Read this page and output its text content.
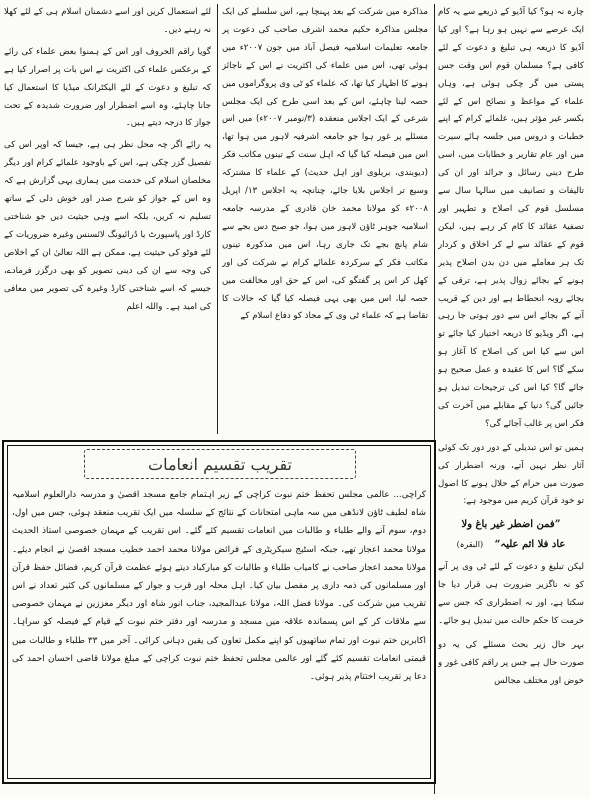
چارہ نہ ہو؟ کیا آڈیو کے ذریعے سے یہ کام ایک عرصے سے نہیں ہو رہا ہے؟ اور کیا آڈیو کا ذریعہ ہی تبلیغ و دعوت کے لئے کافی ہے؟ مسلمان قوم اس وقت جس پستی میں گر چکی ہوئی ہے، وہاں علماء کے مواعظ و نصائح اس کے لئے بکسر غیر مؤثر ہیں، علمائے کرام کے اپنے خطبات و دروس میں جلسہ ہائے سیرت میں اور عام تقاریر و خطابات میں، اسی طرح دینی رسائل و جرائد اور ان کی تالیفات و تصانیف میں سالہا سال سے مسلسل قوم کی اصلاح و تطہیر اور تصفیۂ عقائد کا کام کر رہے ہیں، لیکن قوم کے عقائد سے لے کر اخلاق و کردار تک ہر معاملے میں دن بدن اصلاح پذیر ہونے کے بجائے زوال پذیر ہے، ترقی کے بجائے روبہ انحطاط ہے اور دین کے قریب آنے کے بجائے اس سے دور ہوتی جا رہی ہے، اگر ویڈیو کا ذریعہ اختیار کیا جائے تو اس سے کیا اس کی اصلاح کا آغاز ہو سکے گا؟ اس کا عقیدہ و عمل صحیح ہو جائے گا؟ کیا اس کی ترجیحات تبدیل ہو جائیں گی؟ دنیا کے مقابلے میں آخرت کی فکر اس پر غالب آجائے گی؟

ہمیں تو اس تبدیلی کے دور دور تک کوئی آثار نظر نہیں آتے، ورنہ اضطرار کی صورت میں حرام کے حلال ہونے کا اصول تو خود قرآن کریم میں موجود ہے:

”فمن اضطر غیر باغ ولا
عاد فلا اثم علیہ“ (البقرہ)

لیکن تبلیغ و دعوت کے لئے ٹی وی پر آنے کو نہ ناگزیر ضرورت ہی قرار دیا جا سکتا ہے، اور نہ اضطراری کہ جس سے حرمت کا حکم حالت میں تبدیل ہو جائے۔

بہر حال زیر بحث مسئلے کی یہ دو صورت حال ہے جس پر راقم کافی غور و خوض اور مختلف مجالس

مذاکرہ میں شرکت کے بعد پہنچا ہے، اس سلسلے کی ایک مجلس مذاکرہ حکیم محمد اشرف صاحب کی دعوت پر جامعہ تعلیمات اسلامیہ فیصل آباد میں جون ۲۰۰۷ء میں ہوئی تھی، اس میں علماء کی اکثریت نے اس کے ناجائز ہونے کا اظہار کیا تھا، کہ علماء کو ٹی وی پروگراموں میں حصہ لینا چاہئے، اس کے بعد اسی طرح کی ایک مجلس شرعی کے ایک اجلاس منعقدہ (۳/نومبر ۲۰۰۷ء) میں اس مسئلے پر غور ہوا جو جامعہ اشرفیہ لاہور میں ہوا تھا، اس میں فیصلہ کیا گیا کہ اہل سنت کے تینوں مکاتب فکر (دیوبندی، بریلوی اور اہل حدیث) کے علماء کا مشترکہ وسیع تر اجلاس بلایا جائے، چنانچہ یہ اجلاس ۱۳/ اپریل ۲۰۰۸ء کو مولانا محمد خان قادری کے مدرسہ جامعہ اسلامیہ جوہر ٹاؤن لاہور میں ہوا، جو صبح دس بجے سے شام پانچ بجے تک جاری رہا، اس میں مذکورہ تینوں مکاتب فکر کے سرکردہ علمائے کرام نے شرکت کی اور کھل کر اس پر گفتگو کی، اس کے حق اور مخالفت میں حصہ لیا، اس میں بھی یہی فیصلہ کیا گیا کہ حالات کا تقاضا ہے کہ علماء ٹی وی کے محاذ کو دفاع اسلام کے

لئے استعمال کریں اور اسے دشمنان اسلام ہی کے لئے کھلا نہ رہنے دیں۔

گویا راقم الحروف اور اس کے ہمنوا بعض علماء کی رائے کے برعکس علماء کی اکثریت نے اس بات پر اصرار کیا ہے کہ تبلیغ و دعوت کے لئے الیکٹرانک میڈیا کا استعمال کیا جانا چاہئے، وہ اسے اضطرار اور ضرورت شدیدہ کے تحت جواز کا درجہ دیتے ہیں۔

یہ رائے اگر چہ محل نظر ہی ہے، جیسا کہ اوپر اس کی تفصیل گزر چکی ہے، اس کے باوجود علمائے کرام اور دیگر مخلصان اسلام کی خدمت میں ہماری یہی گزارش ہے کہ وہ اس کے جواز کو شرح صدر اور خوش دلی کے ساتھ تسلیم نہ کریں، بلکہ اسے وہی حیثیت دیں جو شناختی کارڈ اور پاسپورٹ یا ڈرائیونگ لائسنس وغیرہ ضروریات کے لئے فوٹو کی حیثیت ہے، ممکن ہے اللہ تعالیٰ ان کے اخلاص کی وجہ سے ان کی دینی تصویر کو بھی درگزر فرمادے، جیسے کہ اسے شناختی کارڈ وغیرہ کی تصویر میں معافی کی امید ہے۔ واللہ اعلم

تقریب تقسیم انعامات
کراچی... عالمی مجلس تحفظ ختم نبوت کراچی کے زیر اہتمام جامع مسجد اقصیٰ و مدرسہ دارالعلوم اسلامیہ شاہ لطیف ٹاؤن لانڈھی میں سہ ماہی امتحانات کے نتائج کے سلسلہ میں ایک تقریب منعقد ہوئی، جس میں اول، دوم، سوم آنے والے طلباء و طالبات میں انعامات تقسیم کئے گئے۔ اس تقریب کے مہمان خصوصی استاذ الحدیث مولانا محمد اعجاز تھے، جبکہ اسٹیج سیکریٹری کے فرائض مولانا محمد احمد خطیب مسجد اقصیٰ نے انجام دیئے۔ مولانا محمد اعجاز صاحب نے کامیاب طلباء و طالبات کو مبارکباد دیتے ہوئے عظمت قرآن کریم، فضائل حفظ قرآن اور مسلمانوں کی ذمہ داری پر مفصل بیان کیا۔ اہل محلہ اور قرب و جوار کے مسلمانوں کی کثیر تعداد نے اس تقریب میں شرکت کی۔ مولانا فضل اللہ، مولانا عبدالمجید، جناب انور شاہ اور دیگر معززین نے مہمان خصوصی سے ملاقات کر کے اس پسماندہ علاقہ میں مسجد و مدرسہ اور دفتر ختم نبوت کے قیام کے فیصلہ کو سراہا۔ اکابرین ختم نبوت اور تمام ساتھیوں کو اپنے مکمل تعاون کی یقین دہانی کرائی۔ آخر میں ۳۳ طلباء و طالبات میں قیمتی انعامات تقسیم کئے گئے اور عالمی مجلس تحفظ ختم نبوت کراچی کے مبلغ مولانا قاضی احسان احمد کی دعا پر تقریب اختتام پذیر ہوئی۔
